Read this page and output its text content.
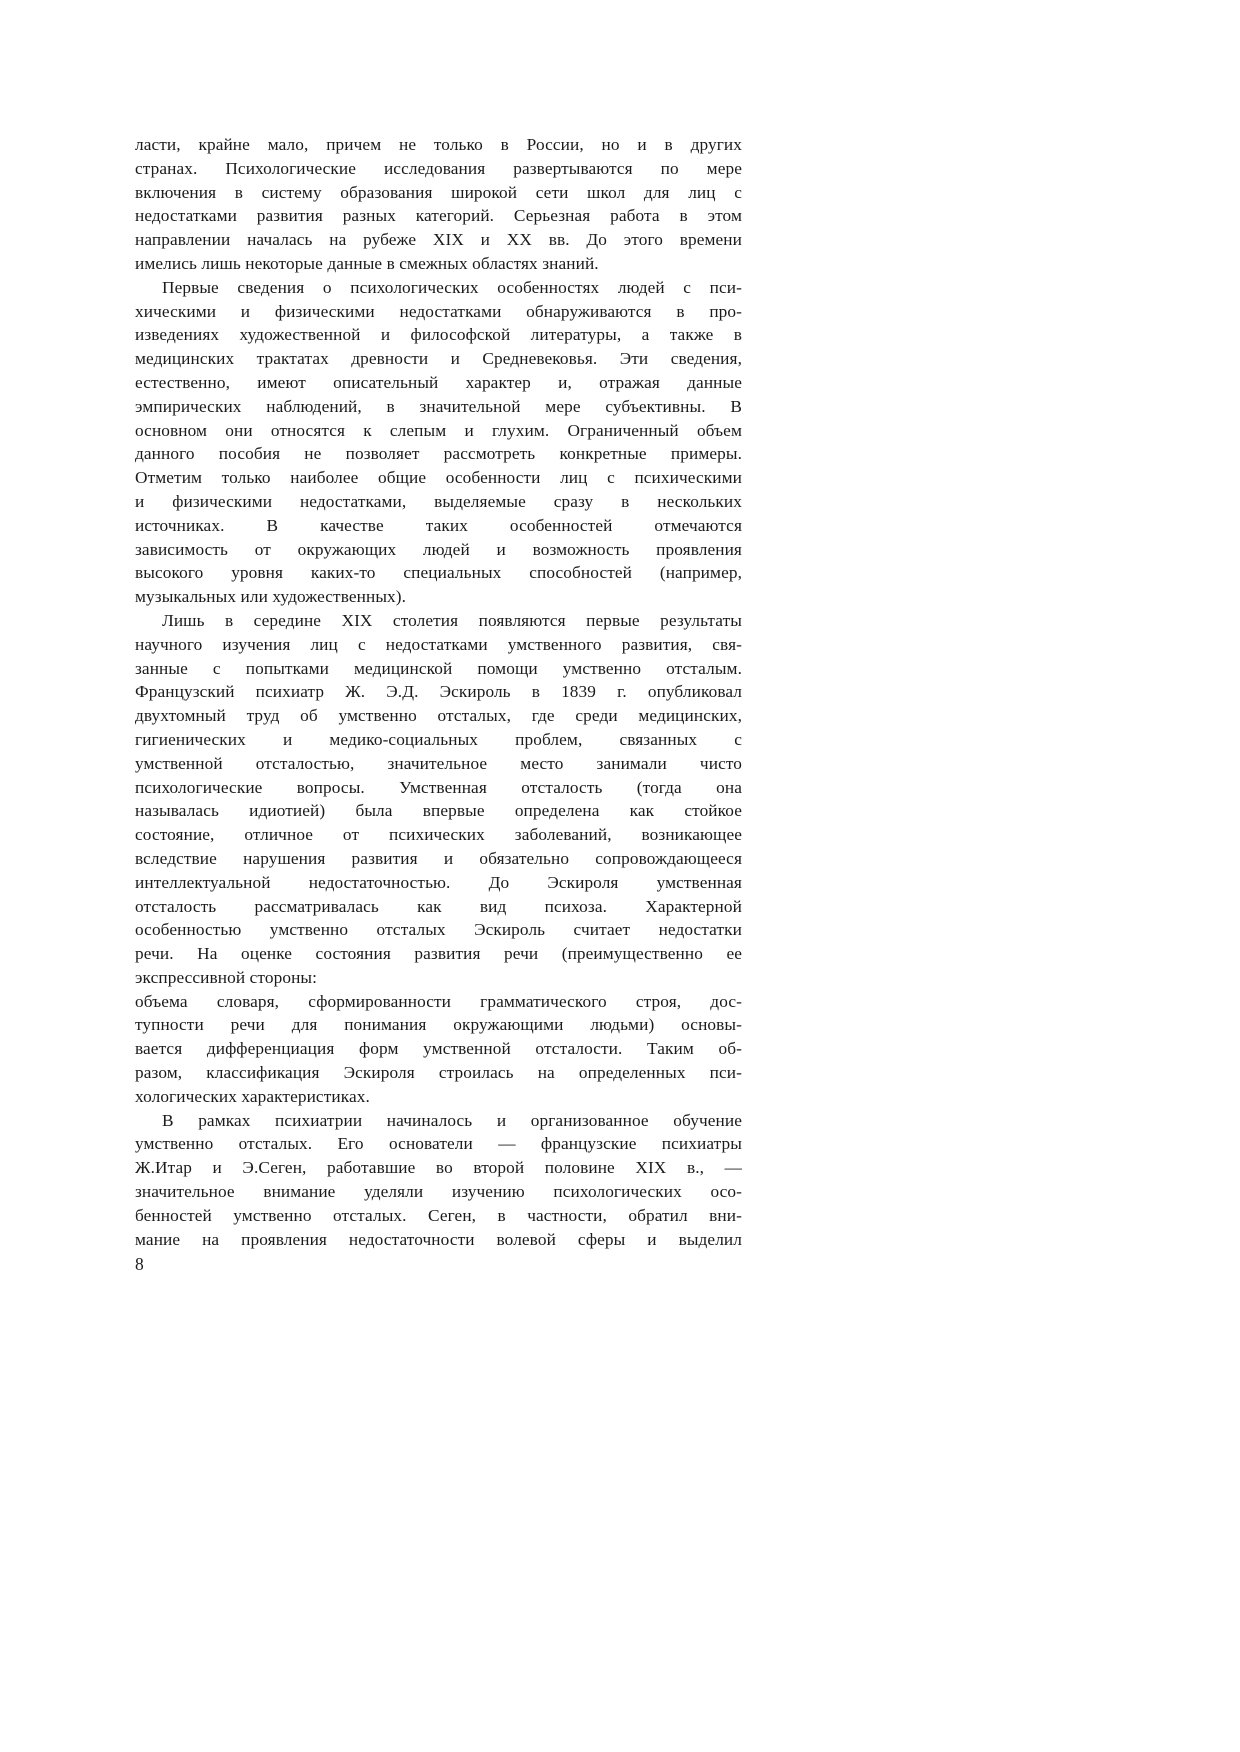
ласти, крайне мало, причем не только в России, но и в других
странах. Психологические исследования развертываются по мере
включения в систему образования широкой сети школ для лиц с
недостатками развития разных категорий. Серьезная работа в этом
направлении началась на рубеже XIX и XX вв. До этого времени
имелись лишь некоторые данные в смежных областях знаний.
Первые сведения о психологических особенностях людей с пси-
хическими и физическими недостатками обнаруживаются в про-
изведениях художественной и философской литературы, а также в
медицинских трактатах древности и Средневековья. Эти сведения,
естественно, имеют описательный характер и, отражая данные
эмпирических наблюдений, в значительной мере субъективны. В
основном они относятся к слепым и глухим. Ограниченный объем
данного пособия не позволяет рассмотреть конкретные примеры.
Отметим только наиболее общие особенности лиц с психическими
и физическими недостатками, выделяемые сразу в нескольких
источниках. В качестве таких особенностей отмечаются
зависимость от окружающих людей и возможность проявления
высокого уровня каких-то специальных способностей (например,
музыкальных или художественных).
Лишь в середине XIX столетия появляются первые результаты
научного изучения лиц с недостатками умственного развития, свя-
занные с попытками медицинской помощи умственно отсталым.
Французский психиатр Ж. Э.Д. Эскироль в 1839 г. опубликовал
двухтомный труд об умственно отсталых, где среди медицинских,
гигиенических и медико-социальных проблем, связанных с
умственной отсталостью, значительное место занимали чисто
психологические вопросы. Умственная отсталость (тогда она
называлась идиотией) была впервые определена как стойкое
состояние, отличное от психических заболеваний, возникающее
вследствие нарушения развития и обязательно сопровождающееся
интеллектуальной недостаточностью. До Эскироля умственная
отсталость рассматривалась как вид психоза. Характерной
особенностью умственно отсталых Эскироль считает недостатки
речи. На оценке состояния развития речи (преимущественно ее
экспрессивной стороны:
объема словаря, сформированности грамматического строя, дос-
тупности речи для понимания окружающими людьми) основы-
вается дифференциация форм умственной отсталости. Таким об-
разом, классификация Эскироля строилась на определенных пси-
хологических характеристиках.
В рамках психиатрии начиналось и организованное обучение
умственно отсталых. Его основатели — французские психиатры
Ж.Итар и Э.Сеген, работавшие во второй половине XIX в., —
значительное внимание уделяли изучению психологических осо-
бенностей умственно отсталых. Сеген, в частности, обратил вни-
мание на проявления недостаточности волевой сферы и выделил
8
